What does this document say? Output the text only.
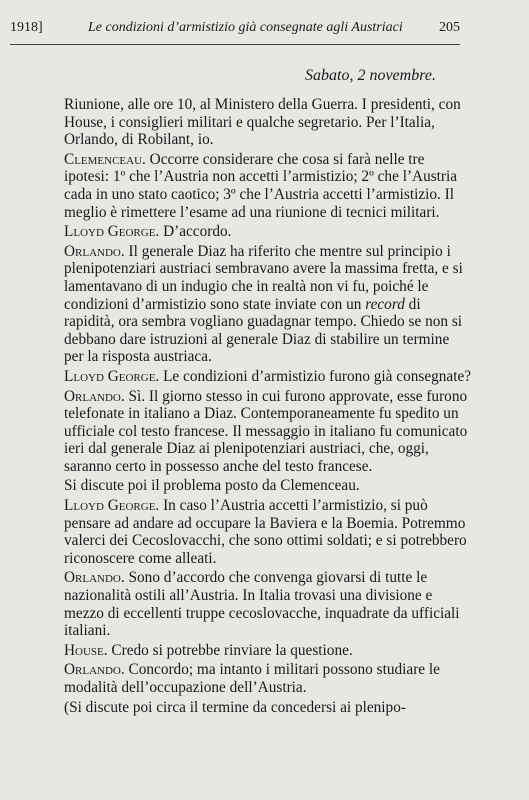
1918]	Le condizioni d’armistizio già consegnate agli Austriaci	205
Sabato, 2 novembre.

Riunione, alle ore 10, al Ministero della Guerra. I presidenti, con House, i consiglieri militari e qualche segretario. Per l’Italia, Orlando, di Robilant, io.

Clemenceau. Occorre considerare che cosa si farà nelle tre ipotesi: 1º che l’Austria non accetti l’armistizio; 2º che l’Austria cada in uno stato caotico; 3º che l’Austria accetti l’armistizio. Il meglio è rimettere l’esame ad una riunione di tecnici militari.

Lloyd George. D’accordo.

Orlando. Il generale Diaz ha riferito che mentre sul principio i plenipotenziari austriaci sembravano avere la massima fretta, e si lamentavano di un indugio che in realtà non vi fu, poiché le condizioni d’armistizio sono state inviate con un record di rapidità, ora sembra vogliano guadagnar tempo. Chiedo se non si debbano dare istruzioni al generale Diaz di stabilire un termine per la risposta austriaca.

Lloyd George. Le condizioni d’armistizio furono già consegnate?

Orlando. Sì. Il giorno stesso in cui furono approvate, esse furono telefonate in italiano a Diaz. Contemporaneamente fu spedito un ufficiale col testo francese. Il messaggio in italiano fu comunicato ieri dal generale Diaz ai plenipotenziari austriaci, che, oggi, saranno certo in possesso anche del testo francese.

Si discute poi il problema posto da Clemenceau.

Lloyd George. In caso l’Austria accetti l’armistizio, si può pensare ad andare ad occupare la Baviera e la Boemia. Potremmo valerci dei Cecoslovacchi, che sono ottimi soldati; e si potrebbero riconoscere come alleati.

Orlando. Sono d’accordo che convenga giovarsi di tutte le nazionalità ostili all’Austria. In Italia trovasi una divisione e mezzo di eccellenti truppe cecoslovacche, inquadrate da ufficiali italiani.

House. Credo si potrebbe rinviare la questione.

Orlando. Concordo; ma intanto i militari possono studiare le modalità dell’occupazione dell’Austria.

(Si discute poi circa il termine da concedersi ai plenipo-
